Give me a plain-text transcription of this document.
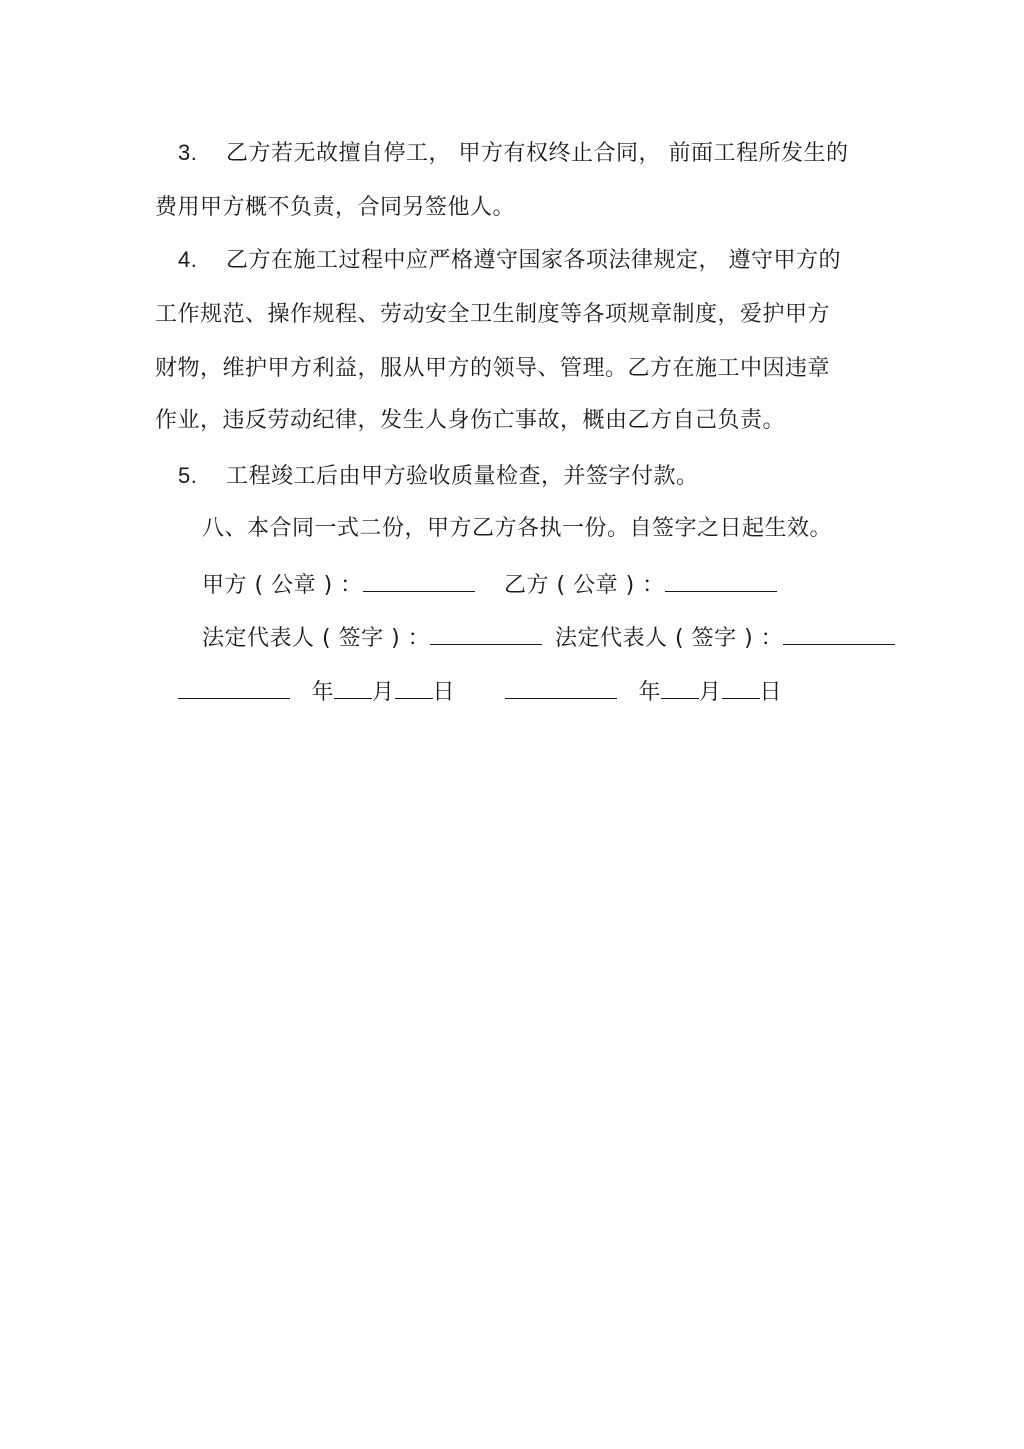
3. 乙方若无故擅自停工， 甲方有权终止合同， 前面工程所发生的
费用甲方概不负责，合同另签他人。
4. 乙方在施工过程中应严格遵守国家各项法律规定， 遵守甲方的
工作规范、操作规程、劳动安全卫生制度等各项规章制度，爱护甲方
财物，维护甲方利益，服从甲方的领导、管理。乙方在施工中因违章
作业，违反劳动纪律，发生人身伤亡事故，概由乙方自己负责。
5. 工程竣工后由甲方验收质量检查，并签字付款。
八、本合同一式二份，甲方乙方各执一份。自签字之日起生效。
甲方 ( 公章 ) ：	乙方 ( 公章 ) ：
法定代表人 ( 签字 ) ：	法定代表人 ( 签字 ) ：
年 月 日	年 月 日
